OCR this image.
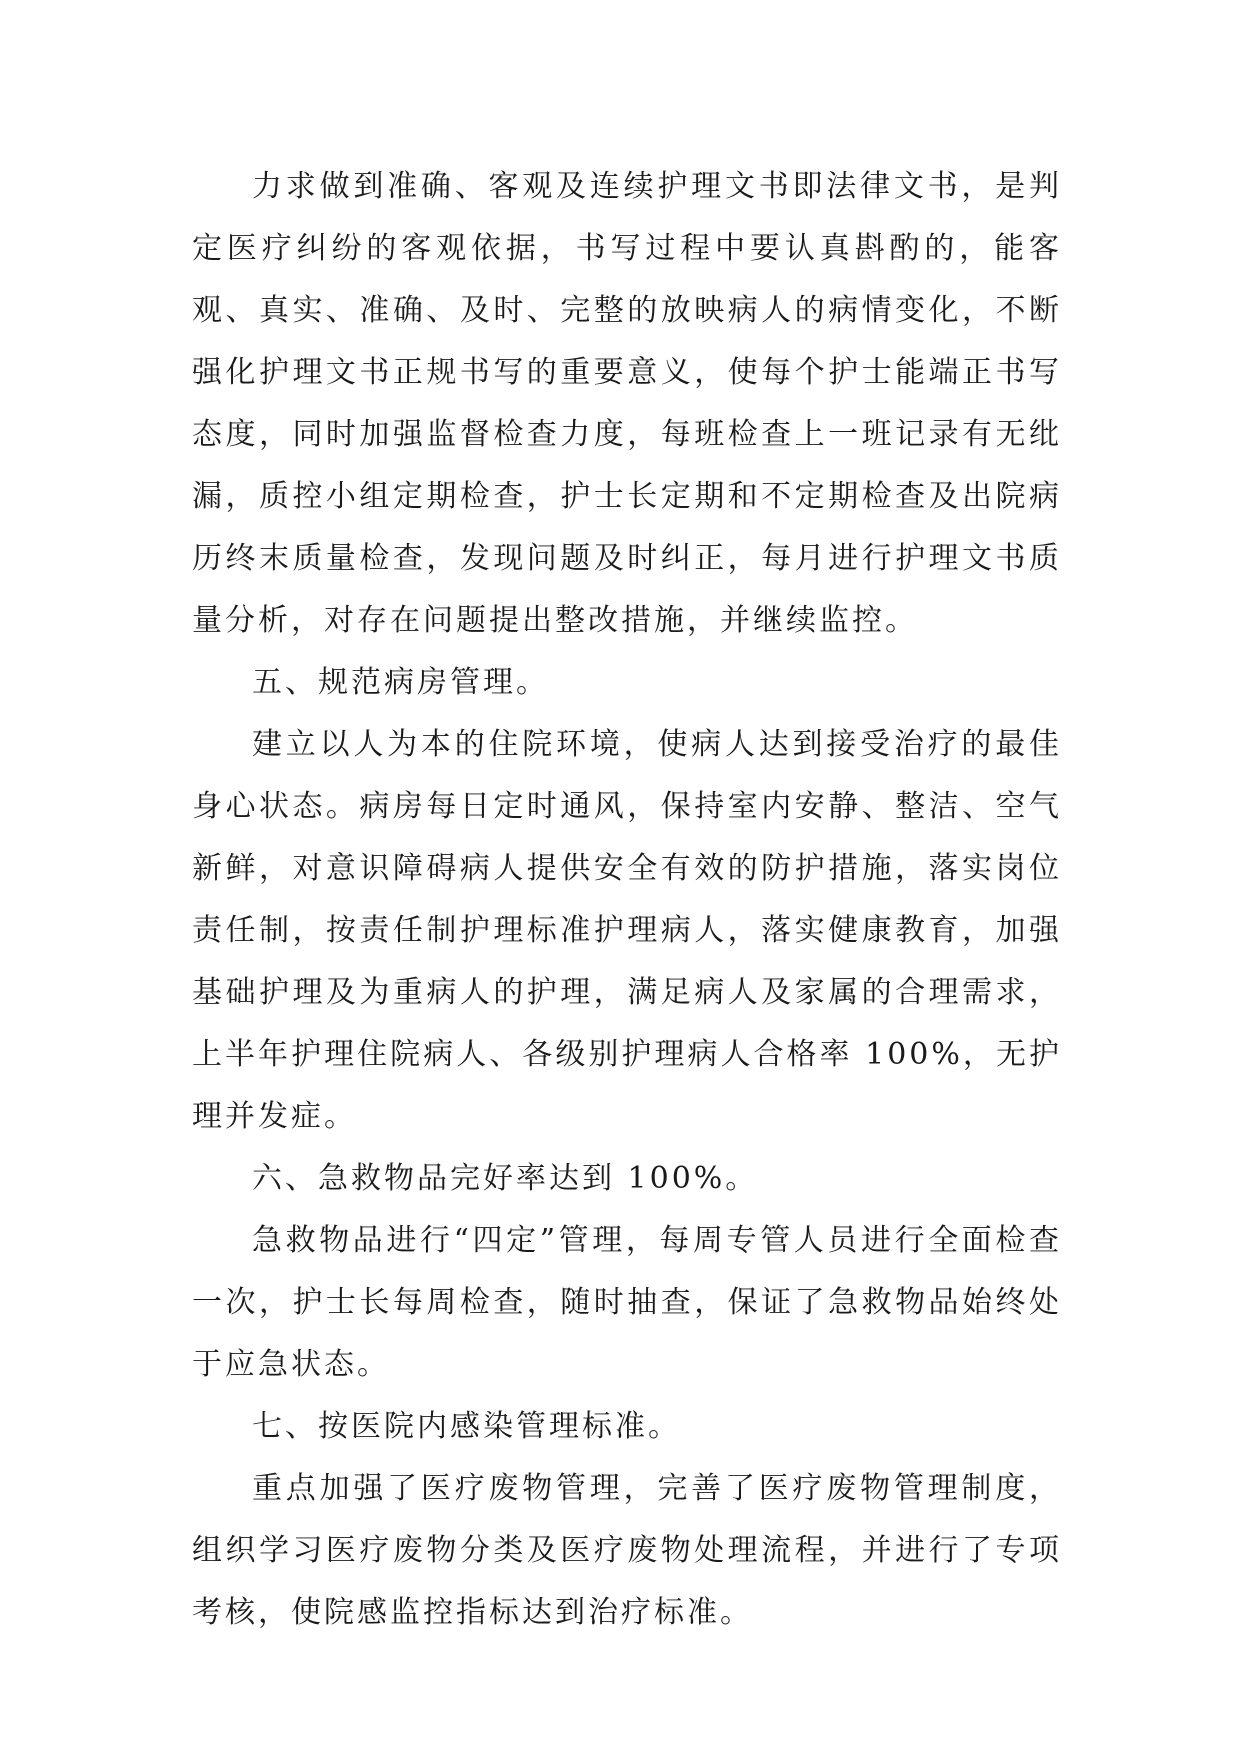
力求做到准确、客观及连续护理文书即法律文书，是判定医疗纠纷的客观依据，书写过程中要认真斟酌的，能客观、真实、准确、及时、完整的放映病人的病情变化，不断强化护理文书正规书写的重要意义，使每个护士能端正书写态度，同时加强监督检查力度，每班检查上一班记录有无纰漏，质控小组定期检查，护士长定期和不定期检查及出院病历终末质量检查，发现问题及时纠正，每月进行护理文书质量分析，对存在问题提出整改措施，并继续监控。

五、规范病房管理。

建立以人为本的住院环境，使病人达到接受治疗的最佳身心状态。病房每日定时通风，保持室内安静、整洁、空气新鲜，对意识障碍病人提供安全有效的防护措施，落实岗位责任制，按责任制护理标准护理病人，落实健康教育，加强基础护理及为重病人的护理，满足病人及家属的合理需求，上半年护理住院病人、各级别护理病人合格率 100%，无护理并发症。

六、急救物品完好率达到 100%。

急救物品进行“四定”管理，每周专管人员进行全面检查一次，护士长每周检查，随时抽查，保证了急救物品始终处于应急状态。

七、按医院内感染管理标准。

重点加强了医疗废物管理，完善了医疗废物管理制度，组织学习医疗废物分类及医疗废物处理流程，并进行了专项考核，使院感监控指标达到治疗标准。
